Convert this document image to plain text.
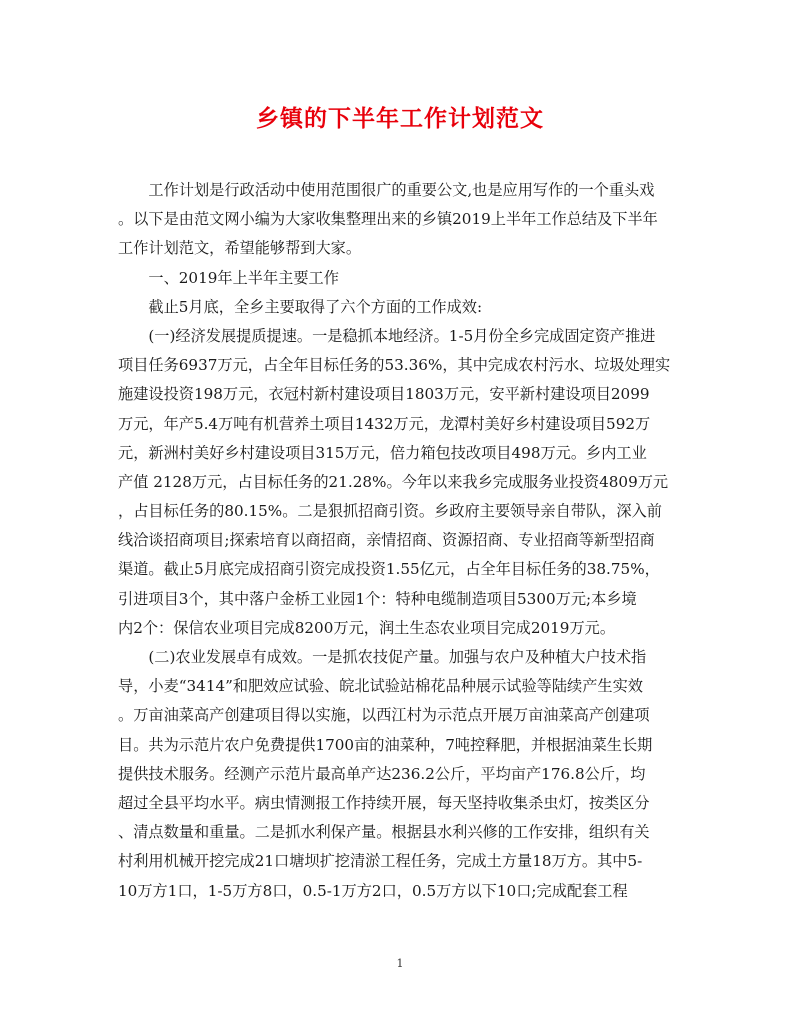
乡镇的下半年工作计划范文
　　工作计划是行政活动中使用范围很广的重要公文,也是应用写作的一个重头戏
。以下是由范文网小编为大家收集整理出来的乡镇2019上半年工作总结及下半年
工作计划范文，希望能够帮到大家。
　　一、2019年上半年主要工作
　　截止5月底，全乡主要取得了六个方面的工作成效:
　　(一)经济发展提质提速。一是稳抓本地经济。1-5月份全乡完成固定资产推进
项目任务6937万元，占全年目标任务的53.36%，其中完成农村污水、垃圾处理实
施建设投资198万元，衣冠村新村建设项目1803万元，安平新村建设项目2099
万元，年产5.4万吨有机营养土项目1432万元，龙潭村美好乡村建设项目592万
元，新洲村美好乡村建设项目315万元，倍力箱包技改项目498万元。乡内工业
产值 2128万元，占目标任务的21.28%。今年以来我乡完成服务业投资4809万元
，占目标任务的80.15%。二是狠抓招商引资。乡政府主要领导亲自带队，深入前
线洽谈招商项目;探索培育以商招商，亲情招商、资源招商、专业招商等新型招商
渠道。截止5月底完成招商引资完成投资1.55亿元，占全年目标任务的38.75%，
引进项目3个，其中落户金桥工业园1个：特种电缆制造项目5300万元;本乡境
内2个：保信农业项目完成8200万元，润土生态农业项目完成2019万元。
　　(二)农业发展卓有成效。一是抓农技促产量。加强与农户及种植大户技术指
导，小麦“3414”和肥效应试验、皖北试验站棉花品种展示试验等陆续产生实效
。万亩油菜高产创建项目得以实施，以西江村为示范点开展万亩油菜高产创建项
目。共为示范片农户免费提供1700亩的油菜种，7吨控释肥，并根据油菜生长期
提供技术服务。经测产示范片最高单产达236.2公斤，平均亩产176.8公斤，均
超过全县平均水平。病虫情测报工作持续开展，每天坚持收集杀虫灯，按类区分
、清点数量和重量。二是抓水利保产量。根据县水利兴修的工作安排，组织有关
村利用机械开挖完成21口塘坝扩挖清淤工程任务，完成土方量18万方。其中5-
10万方1口，1-5万方8口，0.5-1万方2口，0.5万方以下10口;完成配套工程
1
